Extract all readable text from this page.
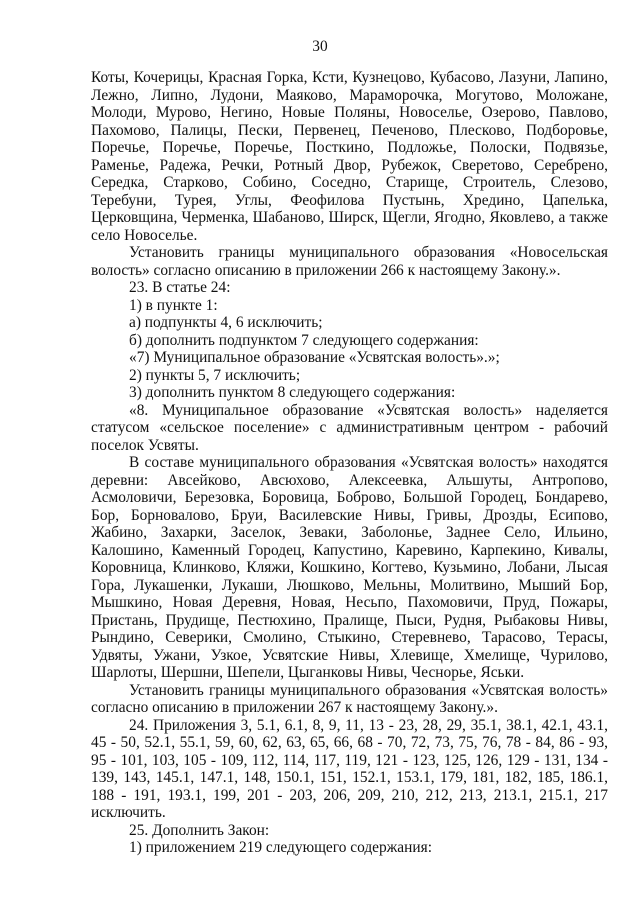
30

Коты, Кочерицы, Красная Горка, Ксти, Кузнецово, Кубасово, Лазуни, Лапино, Лежно, Липно, Лудони, Маяково, Мараморочка, Могутово, Моложане, Молоди, Мурово, Негино, Новые Поляны, Новоселье, Озерово, Павлово, Пахомово, Палицы, Пески, Первенец, Печеново, Плесково, Подборовье, Поречье, Поречье, Поречье, Посткино, Подложье, Полоски, Подвязье, Раменье, Радежа, Речки, Ротный Двор, Рубежок, Сверетово, Серебрено, Середка, Старково, Собино, Соседно, Старище, Строитель, Слезово, Теребуни, Турея, Углы, Феофилова Пустынь, Хредино, Цапелька, Церковщина, Черменка, Шабаново, Ширск, Щегли, Ягодно, Яковлево, а также село Новоселье.

Установить границы муниципального образования «Новосельская волость» согласно описанию в приложении 266 к настоящему Закону.».

23. В статье 24:

1) в пункте 1:

а) подпункты 4, 6 исключить;

б) дополнить подпунктом 7 следующего содержания:

«7) Муниципальное образование «Усвятская волость».»;

2) пункты 5, 7 исключить;

3) дополнить пунктом 8 следующего содержания:

«8. Муниципальное образование «Усвятская волость» наделяется статусом «сельское поселение» с административным центром - рабочий поселок Усвяты.

В составе муниципального образования «Усвятская волость» находятся деревни: Авсейково, Авсюхово, Алексеевка, Альшуты, Антропово, Асмоловичи, Березовка, Боровица, Боброво, Большой Городец, Бондарево, Бор, Борновалово, Бруи, Василевские Нивы, Гривы, Дрозды, Есипово, Жабино, Захарки, Заселок, Зеваки, Заболонье, Заднее Село, Ильино, Калошино, Каменный Городец, Капустино, Каревино, Карпекино, Кивалы, Коровница, Клинково, Кляжи, Кошкино, Когтево, Кузьмино, Лобани, Лысая Гора, Лукашенки, Лукаши, Люшково, Мельны, Молитвино, Мыший Бор, Мышкино, Новая Деревня, Новая, Несьпо, Пахомовичи, Пруд, Пожары, Пристань, Прудище, Пестюхино, Пралище, Пыси, Рудня, Рыбаковы Нивы, Рындино, Северики, Смолино, Стыкино, Стеревнево, Тарасово, Терасы, Удвяты, Ужани, Узкое, Усвятские Нивы, Хлевище, Хмелище, Чурилово, Шарлоты, Шершни, Шепели, Цыганковы Нивы, Чеснорье, Яськи.

Установить границы муниципального образования «Усвятская волость» согласно описанию в приложении 267 к настоящему Закону.».

24. Приложения 3, 5.1, 6.1, 8, 9, 11, 13 - 23, 28, 29, 35.1, 38.1, 42.1, 43.1, 45 - 50, 52.1, 55.1, 59, 60, 62, 63, 65, 66, 68 - 70, 72, 73, 75, 76, 78 - 84, 86 - 93, 95 - 101, 103, 105 - 109, 112, 114, 117, 119, 121 - 123, 125, 126, 129 - 131, 134 - 139, 143, 145.1, 147.1, 148, 150.1, 151, 152.1, 153.1, 179, 181, 182, 185, 186.1, 188 - 191, 193.1, 199, 201 - 203, 206, 209, 210, 212, 213, 213.1, 215.1, 217 исключить.

25. Дополнить Закон:

1) приложением 219 следующего содержания:
